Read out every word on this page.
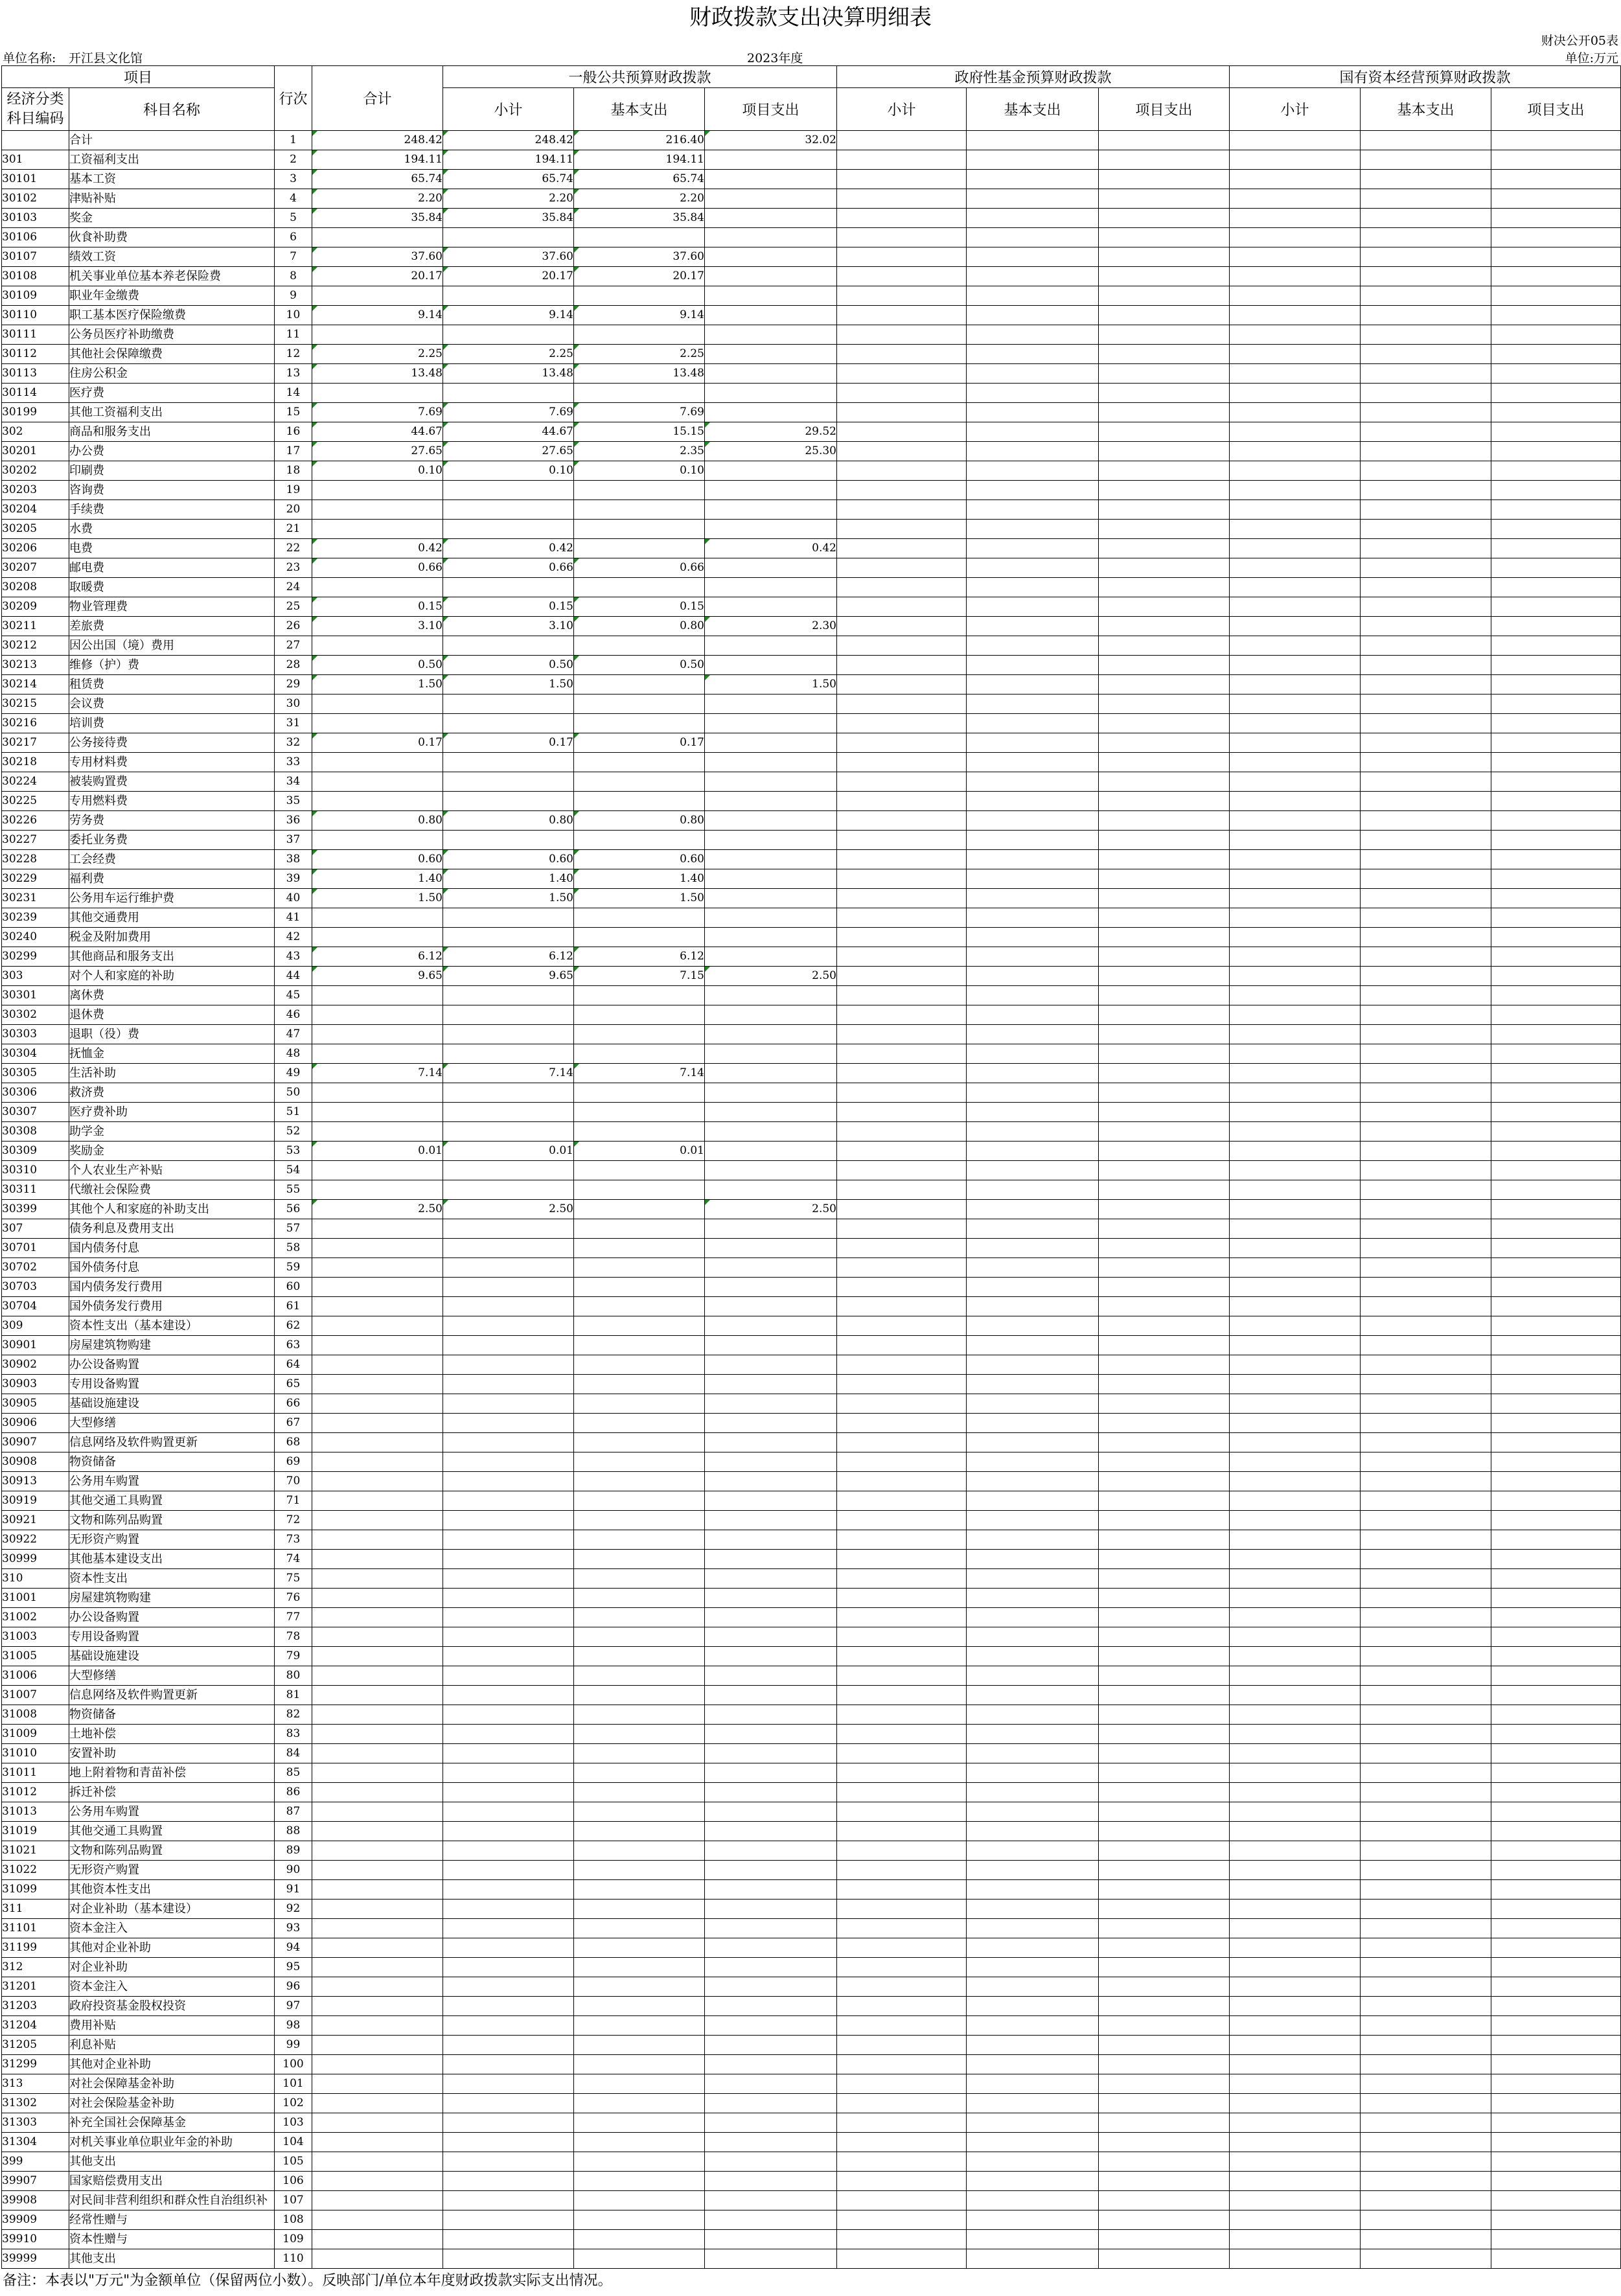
财政拨款支出决算明细表
财决公开05表
单位名称: 开江县文化馆	2023年度	单位:万元
项目		行次	合计	一般公共预算财政拨款			政府性基金预算财政拨款			国有资本经营预算财政拨款		
经济分类
科目编码	科目名称			小计	基本支出	项目支出	小计	基本支出	项目支出	小计	基本支出	项目支出

	合计	1	248.42	248.42	216.40	32.02						
301	工资福利支出	2	194.11	194.11	194.11							
30101	基本工资	3	65.74	65.74	65.74							
30102	津贴补贴	4	2.20	2.20	2.20							
30103	奖金	5	35.84	35.84	35.84							
30106	伙食补助费	6										
30107	绩效工资	7	37.60	37.60	37.60							
30108	机关事业单位基本养老保险费	8	20.17	20.17	20.17							
30109	职业年金缴费	9										
30110	职工基本医疗保险缴费	10	9.14	9.14	9.14							
30111	公务员医疗补助缴费	11										
30112	其他社会保障缴费	12	2.25	2.25	2.25							
30113	住房公积金	13	13.48	13.48	13.48							
30114	医疗费	14										
30199	其他工资福利支出	15	7.69	7.69	7.69							
302	商品和服务支出	16	44.67	44.67	15.15	29.52						
30201	办公费	17	27.65	27.65	2.35	25.30						
30202	印刷费	18	0.10	0.10	0.10							
30203	咨询费	19										
30204	手续费	20										
30205	水费	21										
30206	电费	22	0.42	0.42		0.42						
30207	邮电费	23	0.66	0.66	0.66							
30208	取暖费	24										
30209	物业管理费	25	0.15	0.15	0.15							
30211	差旅费	26	3.10	3.10	0.80	2.30						
30212	因公出国（境）费用	27										
30213	维修（护）费	28	0.50	0.50	0.50							
30214	租赁费	29	1.50	1.50		1.50						
30215	会议费	30										
30216	培训费	31										
30217	公务接待费	32	0.17	0.17	0.17							
30218	专用材料费	33										
30224	被装购置费	34										
30225	专用燃料费	35										
30226	劳务费	36	0.80	0.80	0.80							
30227	委托业务费	37										
30228	工会经费	38	0.60	0.60	0.60							
30229	福利费	39	1.40	1.40	1.40							
30231	公务用车运行维护费	40	1.50	1.50	1.50							
30239	其他交通费用	41										
30240	税金及附加费用	42										
30299	其他商品和服务支出	43	6.12	6.12	6.12							
303	对个人和家庭的补助	44	9.65	9.65	7.15	2.50						
30301	离休费	45										
30302	退休费	46										
30303	退职（役）费	47										
30304	抚恤金	48										
30305	生活补助	49	7.14	7.14	7.14							
30306	救济费	50										
30307	医疗费补助	51										
30308	助学金	52										
30309	奖励金	53	0.01	0.01	0.01							
30310	个人农业生产补贴	54										
30311	代缴社会保险费	55										
30399	其他个人和家庭的补助支出	56	2.50	2.50		2.50						
307	债务利息及费用支出	57										
30701	国内债务付息	58										
30702	国外债务付息	59										
30703	国内债务发行费用	60										
30704	国外债务发行费用	61										
309	资本性支出（基本建设）	62										
30901	房屋建筑物购建	63										
30902	办公设备购置	64										
30903	专用设备购置	65										
30905	基础设施建设	66										
30906	大型修缮	67										
30907	信息网络及软件购置更新	68										
30908	物资储备	69										
30913	公务用车购置	70										
30919	其他交通工具购置	71										
30921	文物和陈列品购置	72										
30922	无形资产购置	73										
30999	其他基本建设支出	74										
310	资本性支出	75										
31001	房屋建筑物购建	76										
31002	办公设备购置	77										
31003	专用设备购置	78										
31005	基础设施建设	79										
31006	大型修缮	80										
31007	信息网络及软件购置更新	81										
31008	物资储备	82										
31009	土地补偿	83										
31010	安置补助	84										
31011	地上附着物和青苗补偿	85										
31012	拆迁补偿	86										
31013	公务用车购置	87										
31019	其他交通工具购置	88										
31021	文物和陈列品购置	89										
31022	无形资产购置	90										
31099	其他资本性支出	91										
311	对企业补助（基本建设）	92										
31101	资本金注入	93										
31199	其他对企业补助	94										
312	对企业补助	95										
31201	资本金注入	96										
31203	政府投资基金股权投资	97										
31204	费用补贴	98										
31205	利息补贴	99										
31299	其他对企业补助	100										
313	对社会保障基金补助	101										
31302	对社会保险基金补助	102										
31303	补充全国社会保障基金	103										
31304	对机关事业单位职业年金的补助	104										
399	其他支出	105										
39907	国家赔偿费用支出	106										
39908	对民间非营利组织和群众性自治组织补	107										
39909	经常性赠与	108										
39910	资本性赠与	109										
39999	其他支出	110										
备注：本表以"万元"为金额单位（保留两位小数）。反映部门/单位本年度财政拨款实际支出情况。
